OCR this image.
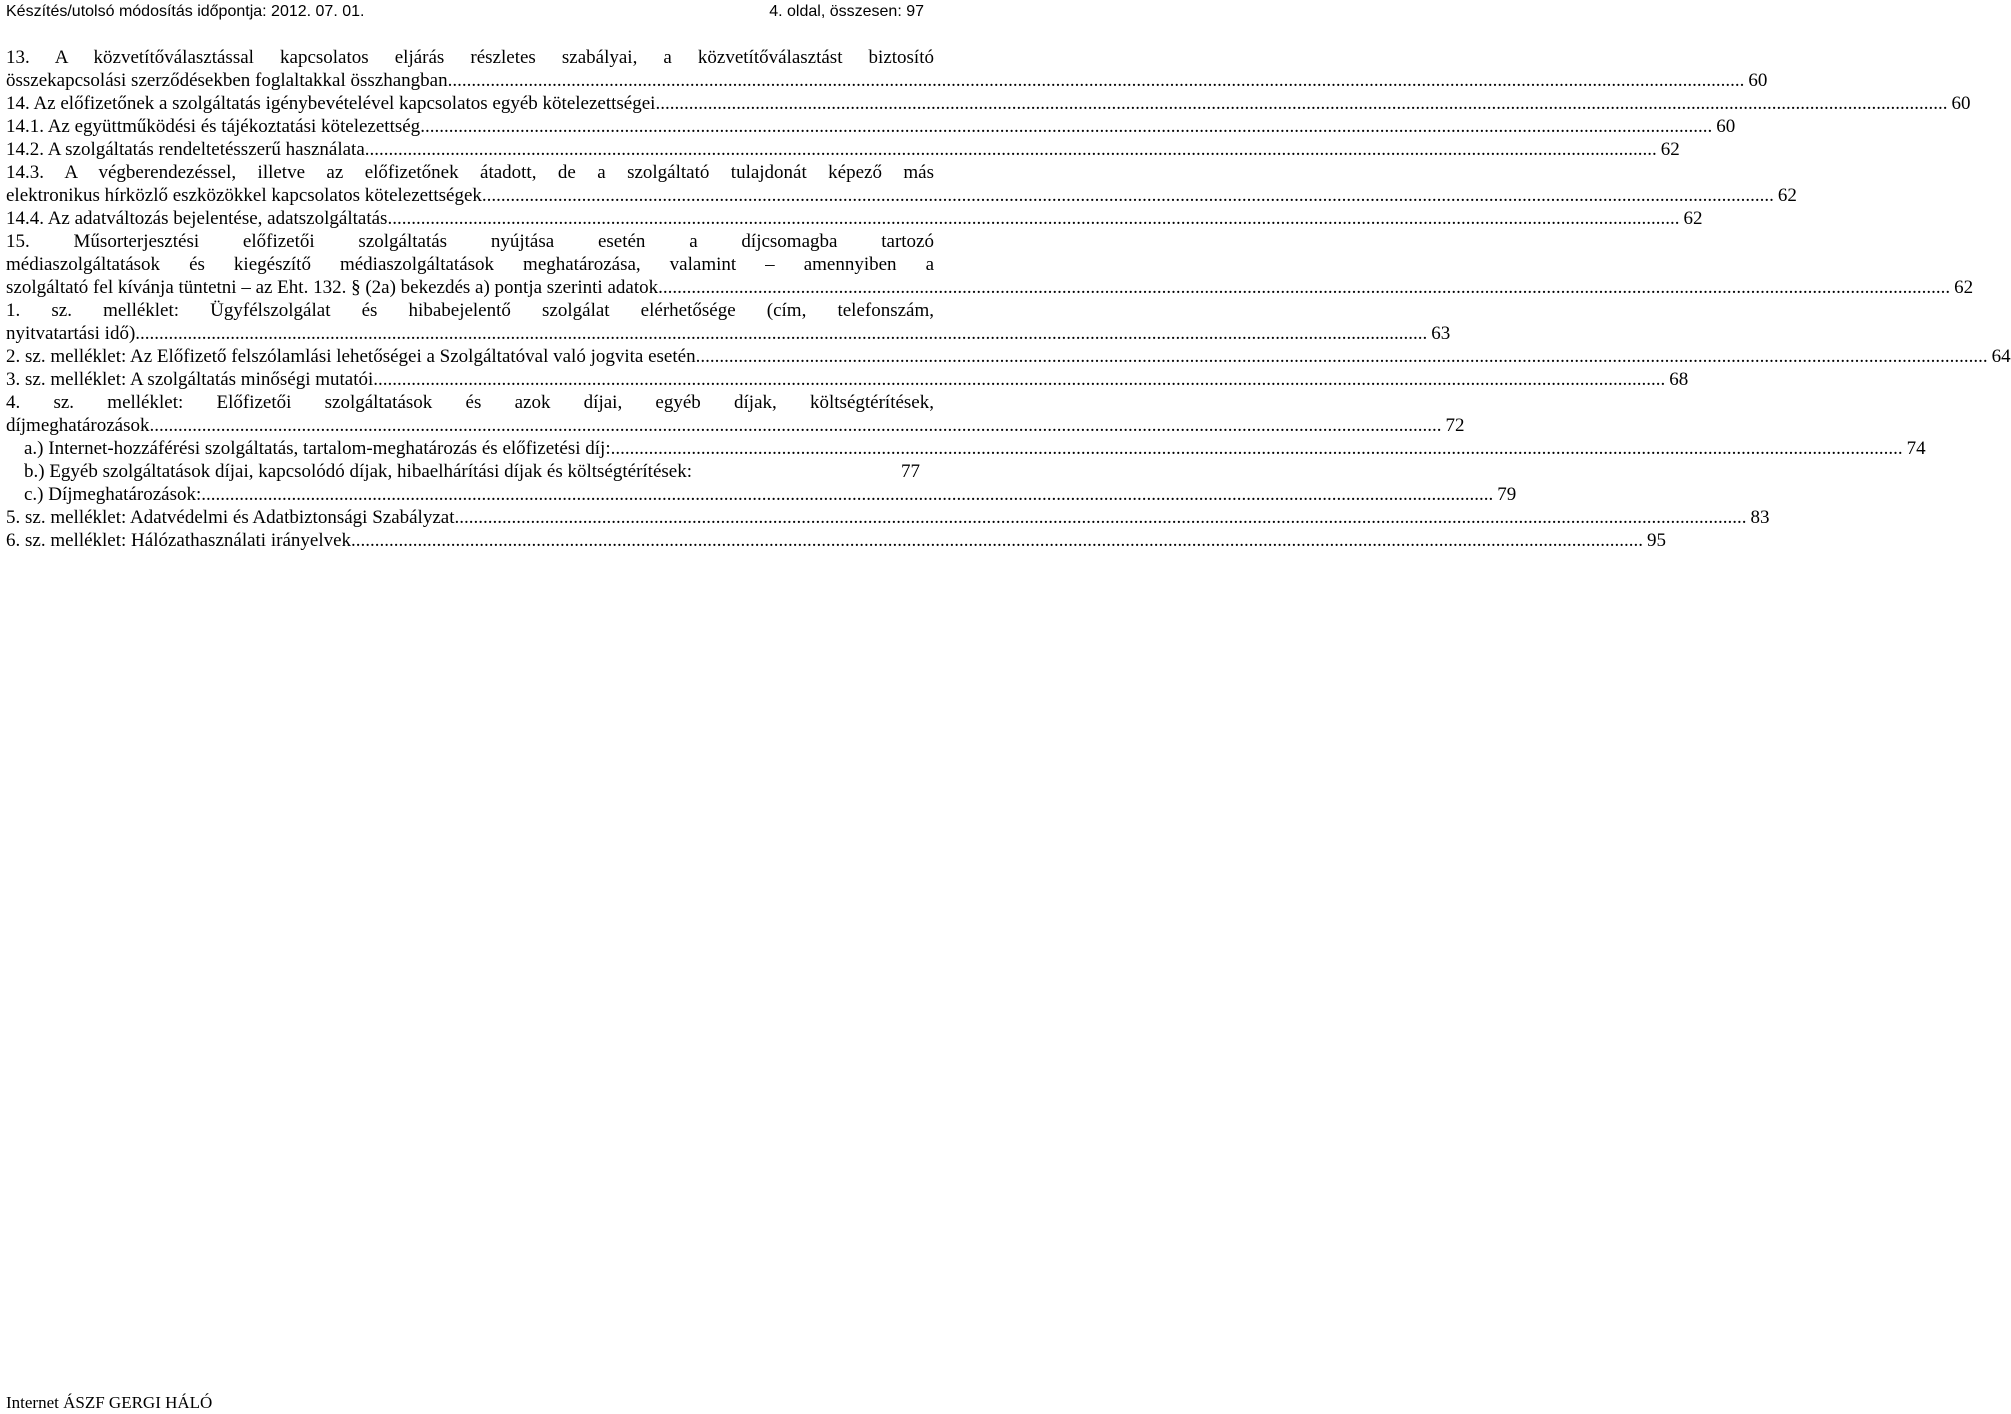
Készítés/utolsó módosítás időpontja: 2012. 07. 01.	4. oldal, összesen: 97
13. A közvetítőválasztással kapcsolatos eljárás részletes szabályai, a közvetítőválasztást biztosító
összekapcsolási szerződésekben foglaltakkal összhangban. .....	60
14. Az előfizetőnek a szolgáltatás igénybevételével kapcsolatos egyéb kötelezettségei .....	60
14.1. Az együttműködési és tájékoztatási kötelezettség .....	60
14.2. A szolgáltatás rendeltetésszerű használata .....	62
14.3. A végberendezéssel, illetve az előfizetőnek átadott, de a szolgáltató tulajdonát képező más
elektronikus hírközlő eszközökkel kapcsolatos kötelezettségek .....	62
14.4. Az adatváltozás bejelentése, adatszolgáltatás .....	62
15. Műsorterjesztési előfizetői szolgáltatás nyújtása esetén a díjcsomagba tartozó
médiaszolgáltatások és kiegészítő médiaszolgáltatások meghatározása, valamint – amennyiben a
szolgáltató fel kívánja tüntetni – az Eht. 132. § (2a) bekezdés a) pontja szerinti adatok .....	62
1. sz. melléklet: Ügyfélszolgálat és hibabejelentő szolgálat elérhetősége (cím, telefonszám,
nyitvatartási idő) .....	63
2. sz. melléklet: Az Előfizető felszólamlási lehetőségei a Szolgáltatóval való jogvita esetén .....	64
3. sz. melléklet: A szolgáltatás minőségi mutatói .....	68
4. sz. melléklet: Előfizetői szolgáltatások és azok díjai, egyéb díjak, költségtérítések,
díjmeghatározások .....	72
a.) Internet-hozzáférési szolgáltatás, tartalom-meghatározás és előfizetési díj: .....	74
b.) Egyéb szolgáltatások díjai, kapcsolódó díjak, hibaelhárítási díjak és költségtérítések:	77
c.) Díjmeghatározások: .....	79
5. sz. melléklet: Adatvédelmi és Adatbiztonsági Szabályzat .....	83
6. sz. melléklet: Hálózathasználati irányelvek .....	95
Internet ÁSZF GERGI HÁLÓ
